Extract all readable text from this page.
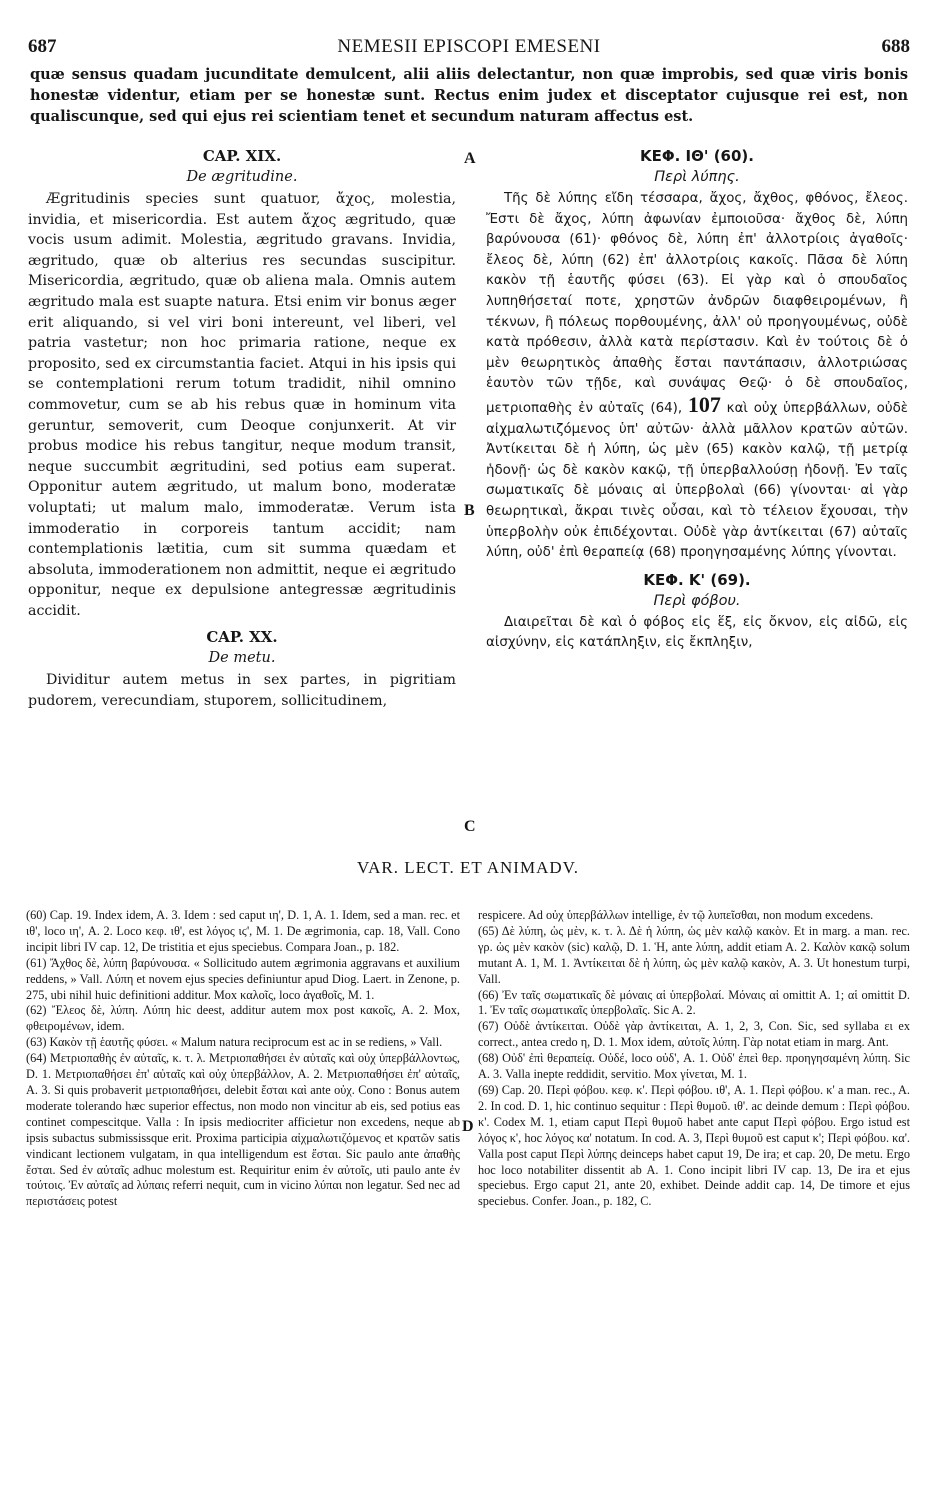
687	NEMESII EPISCOPI EMESENI	688
quæ sensus quadam jucunditate demulcent, alii aliis delectantur, non quæ improbis, sed quæ viris bonis honestæ videntur, etiam per se honestæ sunt. Rectus enim judex et disceptator cujusque rei est, non qualiscunque, sed qui ejus rei scientiam tenet et secundum naturam affectus est.
CAP. XIX.
De ægritudine.

Ægritudinis species sunt quatuor, ἄχος, molestia, invidia, et misericordia. Est autem ἄχος ægritudo, quæ vocis usum adimit. Molestia, ægritudo gravans. Invidia, ægritudo, quæ ob alterius res secundas suscipitur. Misericordia, ægritudo, quæ ob aliena mala. Omnis autem ægritudo mala est suapte natura. Etsi enim vir bonus æger erit aliquando, si vel viri boni intereunt, vel liberi, vel patria vastetur; non hoc primaria ratione, neque ex proposito, sed ex circumstantia faciet. Atqui in his ipsis qui se contemplationi rerum totum tradidit, nihil omnino commovetur, cum se ab his rebus quæ in hominum vita geruntur, semoverit, cum Deoque conjunxerit. At vir probus modice his rebus tangitur, neque modum transit, neque succumbit ægritudini, sed potius eam superat. Opponitur autem ægritudo, ut malum bono, moderatæ voluptati; ut malum malo, immoderatæ. Verum ista immoderatio in corporeis tantum accidit; nam contemplationis lætitia, cum sit summa quædam et absoluta, immoderationem non admittit, neque ei ægritudo opponitur, neque ex depulsione antegressæ ægritudinis accidit.

CAP. XX.
De metu.

Dividitur autem metus in sex partes, in pigritiam pudorem, verecundiam, stuporem, sollicitudinem,

ΚΕΦ. ΙΘ' (60).
Περὶ λύπης.

Τῆς δὲ λύπης εἴδη τέσσαρα, ἄχος, ἄχθος, φθόνος, ἔλεος. Ἔστι δὲ ἄχος, λύπη ἀφωνίαν ἐμποιοῦσα· ἄχθος δὲ, λύπη βαρύνουσα (61)· φθόνος δὲ, λύπη ἐπ' ἀλλοτρίοις ἀγαθοῖς· ἔλεος δὲ, λύπη (62) ἐπ' ἀλλοτρίοις κακοῖς. Πᾶσα δὲ λύπη κακὸν τῇ ἑαυτῆς φύσει (63). Εἰ γὰρ καὶ ὁ σπουδαῖος λυπηθήσεταί ποτε, χρηστῶν ἀνδρῶν διαφθειρομένων, ἢ τέκνων, ἢ πόλεως πορθουμένης, ἀλλ' οὐ προηγουμένως, οὐδὲ κατὰ πρόθεσιν, ἀλλὰ κατὰ περίστασιν. Καὶ ἐν τούτοις δὲ ὁ μὲν θεωρητικὸς ἀπαθὴς ἔσται παντάπασιν, ἀλλοτριώσας ἑαυτὸν τῶν τῇδε, καὶ συνάψας Θεῷ· ὁ δὲ σπουδαῖος, μετριοπαθὴς ἐν αὐταῖς (64), 107 καὶ οὐχ ὑπερβάλλων, οὐδὲ αἰχμαλωτιζόμενος ὑπ' αὐτῶν· ἀλλὰ μᾶλλον κρατῶν αὐτῶν. Ἀντίκειται δὲ ἡ λύπη, ὡς μὲν (65) κακὸν καλῷ, τῇ μετρίᾳ ἡδονῇ· ὡς δὲ κακὸν κακῷ, τῇ ὑπερβαλλούσῃ ἡδονῇ. Ἐν ταῖς σωματικαῖς δὲ μόναις αἱ ὑπερβολαὶ (66) γίνονται· αἱ γὰρ θεωρητικαὶ, ἄκραι τινὲς οὖσαι, καὶ τὸ τέλειον ἔχουσαι, τὴν ὑπερβολὴν οὐκ ἐπιδέχονται. Οὐδὲ γὰρ ἀντίκειται (67) αὐταῖς λύπη, οὐδ' ἐπὶ θεραπείᾳ (68) προηγησαμένης λύπης γίνονται.

ΚΕΦ. Κ' (69).
Περὶ φόβου.

Διαιρεῖται δὲ καὶ ὁ φόβος εἰς ἕξ, εἰς ὄκνον, εἰς αἰδῶ, εἰς αἰσχύνην, εἰς κατάπληξιν, εἰς ἔκπληξιν,

A
B
C
D
VAR. LECT. ET ANIMADV.

(60) Cap. 19. Index idem, A. 3. Idem : sed caput ιη', D. 1, A. 1. Idem, sed a man. rec. et ιθ', loco ιη', A. 2. Loco κεφ. ιθ', est λόγος ιϛ', M. 1. De ægrimonia, cap. 18, Vall. Cono incipit libri IV cap. 12, De tristitia et ejus speciebus. Compara Joan., p. 182.

(61) Ἄχθος δὲ, λύπη βαρύνουσα. « Sollicitudo autem ægrimonia aggravans et auxilium reddens, » Vall. Λύπη et novem ejus species definiuntur apud Diog. Laert. in Zenone, p. 275, ubi nihil huic definitioni additur. Mox καλοῖς, loco ἀγαθοῖς, M. 1.

(62) Ἔλεος δὲ, λύπη. Λύπη hic deest, additur autem mox post κακοῖς, A. 2. Mox, φθειρομένων, idem.

(63) Κακὸν τῇ ἑαυτῆς φύσει. « Malum natura reciprocum est ac in se rediens, » Vall.

(64) Μετριοπαθὴς ἐν αὐταῖς, κ. τ. λ. Μετριοπαθήσει ἐν αὐταῖς καὶ οὐχ ὑπερβάλλοντως, D. 1. Μετριοπαθήσει ἐπ' αὐταῖς καὶ οὐχ ὑπερβάλλον, A. 2. Μετριοπαθήσει ἐπ' αὐταῖς, A. 3. Si quis probaverit μετριοπαθήσει, delebit ἔσται καὶ ante οὐχ. Cono : Bonus autem moderate tolerando hæc superior effectus, non modo non vincitur ab eis, sed potius eas continet compescitque. Valla : In ipsis mediocriter afficietur non excedens, neque ab ipsis subactus submississque erit. Proxima participia αἰχμαλωτιζόμενος et κρατῶν satis vindicant lectionem vulgatam, in qua intelligendum est ἔσται. Sic paulo ante ἀπαθὴς ἔσται. Sed ἐν αὐταῖς adhuc molestum est. Requiritur enim ἐν αὐτοῖς, uti paulo ante ἐν τούτοις. Ἐν αὐταῖς ad λύπαις referri nequit, cum in vicino λύπαι non legatur. Sed nec ad περιστάσεις potest

respicere. Ad οὐχ ὑπερβάλλων intellige, ἐν τῷ λυπεῖσθαι, non modum excedens.

(65) Δὲ λύπη, ὡς μὲν, κ. τ. λ. Δὲ ἡ λύπη, ὡς μὲν καλῷ κακὸν. Et in marg. a man. rec. γρ. ὡς μὲν κακὸν (sic) καλῷ, D. 1. Ἡ, ante λύπη, addit etiam A. 2. Καλὸν κακῷ solum mutant A. 1, M. 1. Ἀντίκειται δὲ ἡ λύπη, ὡς μὲν καλῷ κακὸν, A. 3. Ut honestum turpi, Vall.

(66) Ἐν ταῖς σωματικαῖς δὲ μόναις αἱ ὑπερβολαί. Μόναις αἱ omittit A. 1; αἱ omittit D. 1. Ἐν ταῖς σωματικαῖς ὑπερβολαῖς. Sic A. 2.

(67) Οὐδὲ ἀντίκειται. Οὐδὲ γὰρ ἀντίκειται, A. 1, 2, 3, Con. Sic, sed syllaba ει ex correct., antea credo η, D. 1. Mox idem, αὐτοῖς λύπη. Γὰρ notat etiam in marg. Ant.

(68) Οὐδ' ἐπὶ θεραπείᾳ. Οὐδέ, loco οὐδ', A. 1. Οὐδ' ἐπεὶ θερ. προηγησαμένη λύπη. Sic A. 3. Valla inepte reddidit, servitio. Mox γίνεται, M. 1.

(69) Cap. 20. Περὶ φόβου. κεφ. κ'. Περὶ φόβου. ιθ', A. 1. Περὶ φόβου. κ' a man. rec., A. 2. In cod. D. 1, hic continuo sequitur : Περὶ θυμοῦ. ιθ'. ac deinde demum : Περὶ φόβου. κ'. Codex M. 1, etiam caput Περὶ θυμοῦ habet ante caput Περὶ φόβου. Ergo istud est λόγος κ', hoc λόγος κα' notatum. In cod. A. 3, Περὶ θυμοῦ est caput κ'; Περὶ φόβου. κα'. Valla post caput Περὶ λύπης deinceps habet caput 19, De ira; et cap. 20, De metu. Ergo hoc loco notabiliter dissentit ab A. 1. Cono incipit libri IV cap. 13, De ira et ejus speciebus. Ergo caput 21, ante 20, exhibet. Deinde addit cap. 14, De timore et ejus speciebus. Confer. Joan., p. 182, C.
